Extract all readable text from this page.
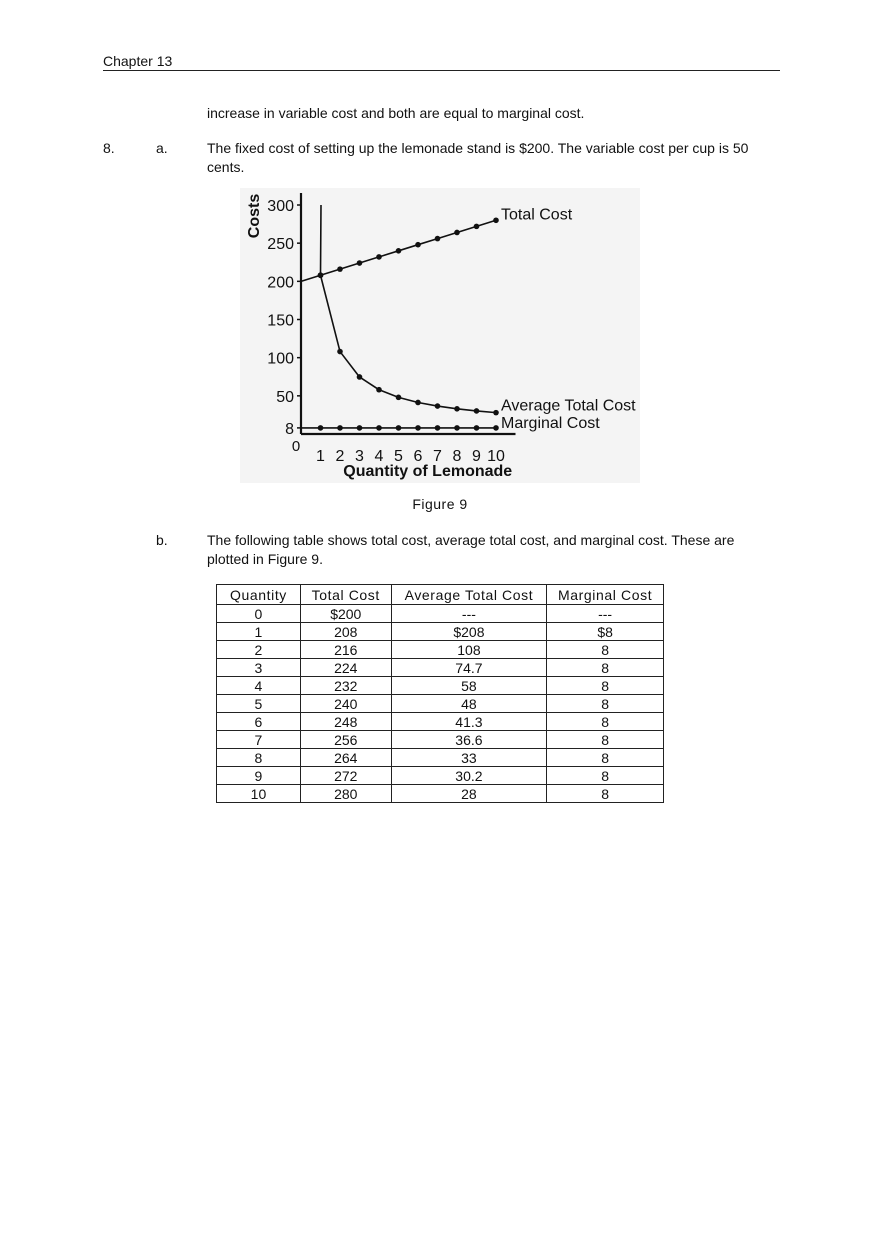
Chapter 13
increase in variable cost and both are equal to marginal cost.
8.	a.	The fixed cost of setting up the lemonade stand is $200. The variable cost per cup is 50 cents.
300
250
200
150
100
50
8
1 2 3 4 5 6 7 8 9 10
0
Quantity of Lemonade
Costs	Total Cost
Average Total Cost
Marginal Cost
Figure 9
b.	The following table shows total cost, average total cost, and marginal cost. These are plotted in Figure 9.
Quantity	Total Cost	Average Total Cost	Marginal Cost
0	$200	---	---
1	208	$208	$8
2	216	108	8
3	224	74.7	8
4	232	58	8
5	240	48	8
6	248	41.3	8
7	256	36.6	8
8	264	33	8
9	272	30.2	8
10	280	28	8
